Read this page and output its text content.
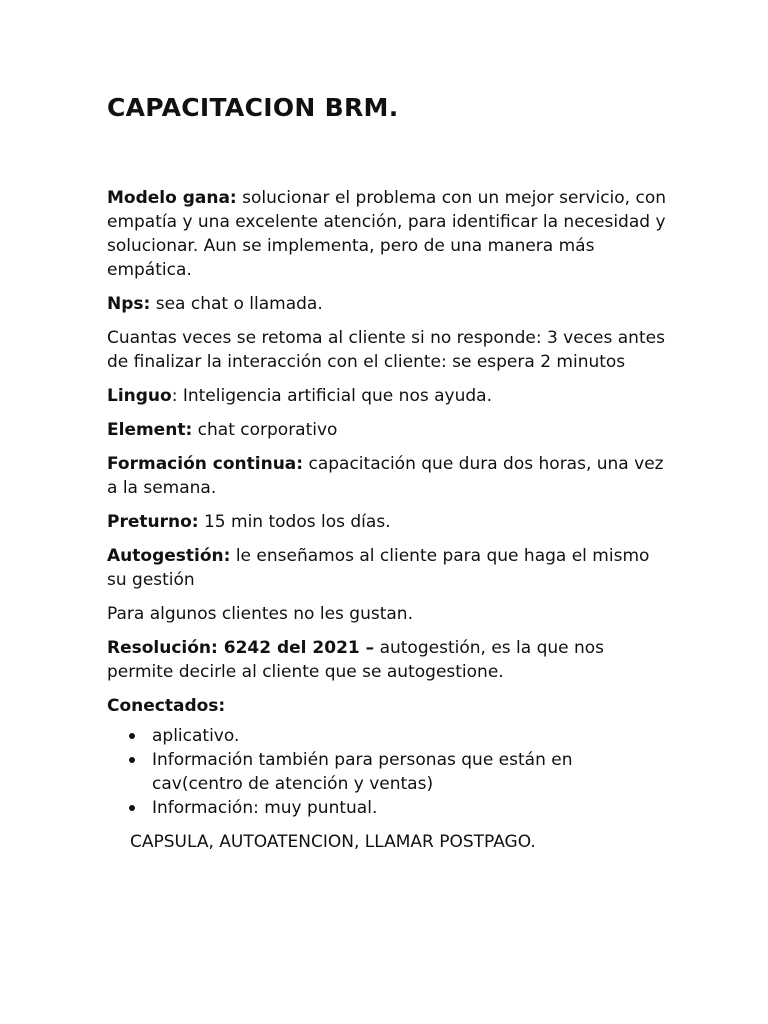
CAPACITACION BRM.

Modelo gana: solucionar el problema con un mejor servicio, con empatía y una excelente atención, para identificar la necesidad y solucionar. Aun se implementa, pero de una manera más empática.

Nps: sea chat o llamada.

Cuantas veces se retoma al cliente si no responde: 3 veces antes de finalizar la interacción con el cliente: se espera 2 minutos

Linguo: Inteligencia artificial que nos ayuda.

Element: chat corporativo

Formación continua: capacitación que dura dos horas, una vez a la semana.

Preturno: 15 min todos los días.

Autogestión: le enseñamos al cliente para que haga el mismo su gestión

Para algunos clientes no les gustan.

Resolución: 6242 del 2021 – autogestión, es la que nos permite decirle al cliente que se autogestione.

Conectados:

aplicativo.
Información también para personas que están en cav(centro de atención y ventas)
Información: muy puntual.

CAPSULA, AUTOATENCION, LLAMAR POSTPAGO.
